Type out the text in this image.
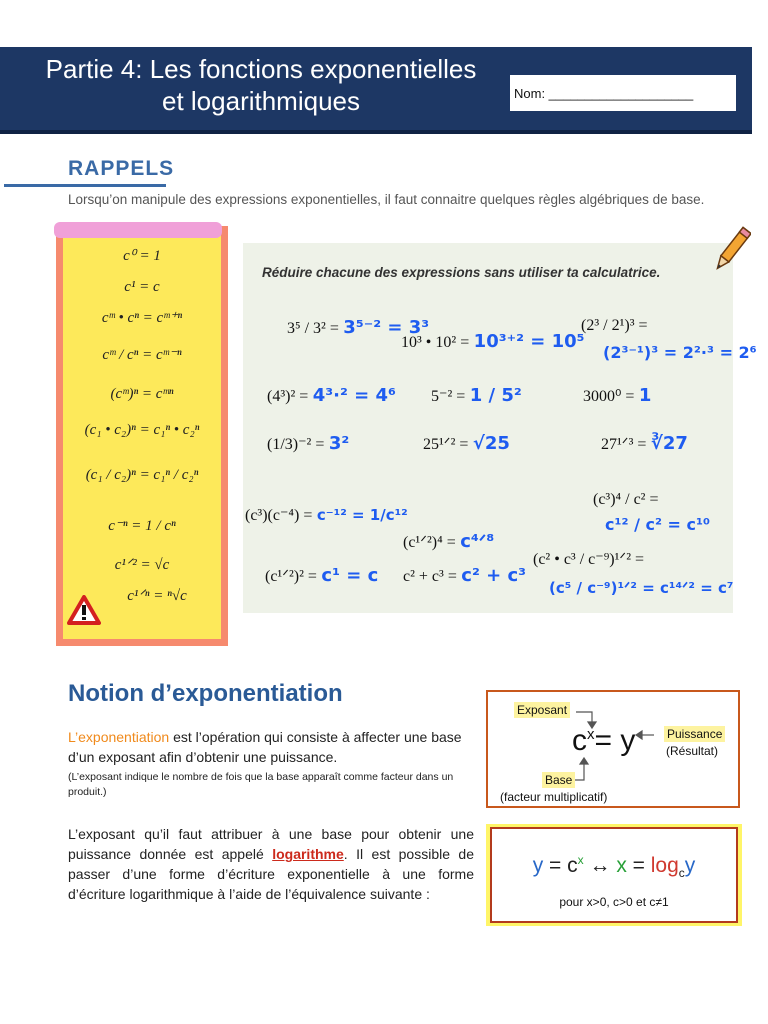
Partie 4: Les fonctions exponentielles
et logarithmiques	Nom: ____________________
RAPPELS
Lorsqu’on manipule des expressions exponentielles, il faut connaitre quelques règles algébriques de base.
c⁰ = 1
c¹ = c
cᵐ • cⁿ = cᵐ⁺ⁿ
cᵐ / cⁿ = cᵐ⁻ⁿ
(cᵐ)ⁿ = cᵐⁿ
(c₁ • c₂)ⁿ = c₁ⁿ • c₂ⁿ
(c₁ / c₂)ⁿ = c₁ⁿ / c₂ⁿ
c⁻ⁿ = 1 / cⁿ
c¹ᐟ² = √c
c¹ᐟⁿ = ⁿ√c
Réduire chacune des expressions sans utiliser ta calculatrice.
3⁵ / 3² = 3⁵⁻² = 3³
10³ • 10² = 10³⁺² = 10⁵
(2³ / 2¹)³ =
(2³⁻¹)³ = 2²·³ = 2⁶
(4³)² = 4³·² = 4⁶ 5⁻² = 1 / 5²	3000⁰ = 1
(1/3)⁻² = 3²	25¹ᐟ² = √25	27¹ᐟ³ = ∛27
(c³)(c⁻⁴) = c⁻¹² = 1/c¹²
(c¹ᐟ²)⁴ = c⁴ᐟ⁸
(c³)⁴ / c² =
c¹² / c² = c¹⁰
(c¹ᐟ²)² = c¹ = c c² + c³ = c² + c³
(c² • c³ / c⁻⁹)¹ᐟ² =
(c⁵ / c⁻⁹)¹ᐟ² = c¹⁴ᐟ² = c⁷
Notion d’exponentiation
L’exponentiation est l’opération qui consiste à affecter une base d’un exposant afin d’obtenir une puissance.
(L’exposant indique le nombre de fois que la base apparaît comme facteur dans un produit.)
L’exposant qu’il faut attribuer à une base pour obtenir une puissance donnée est appelé logarithme. Il est possible de passer d’une forme d’écriture exponentielle à une forme d’écriture logarithmique à l’aide de l’équivalence suivante :
Exposant
$c^x= y$	Puissance
(Résultat)
Base
(facteur multiplicatif)
$y = c^x$ ↔ $x = \log_cy$
pour x>0, c>0 et c≠1
